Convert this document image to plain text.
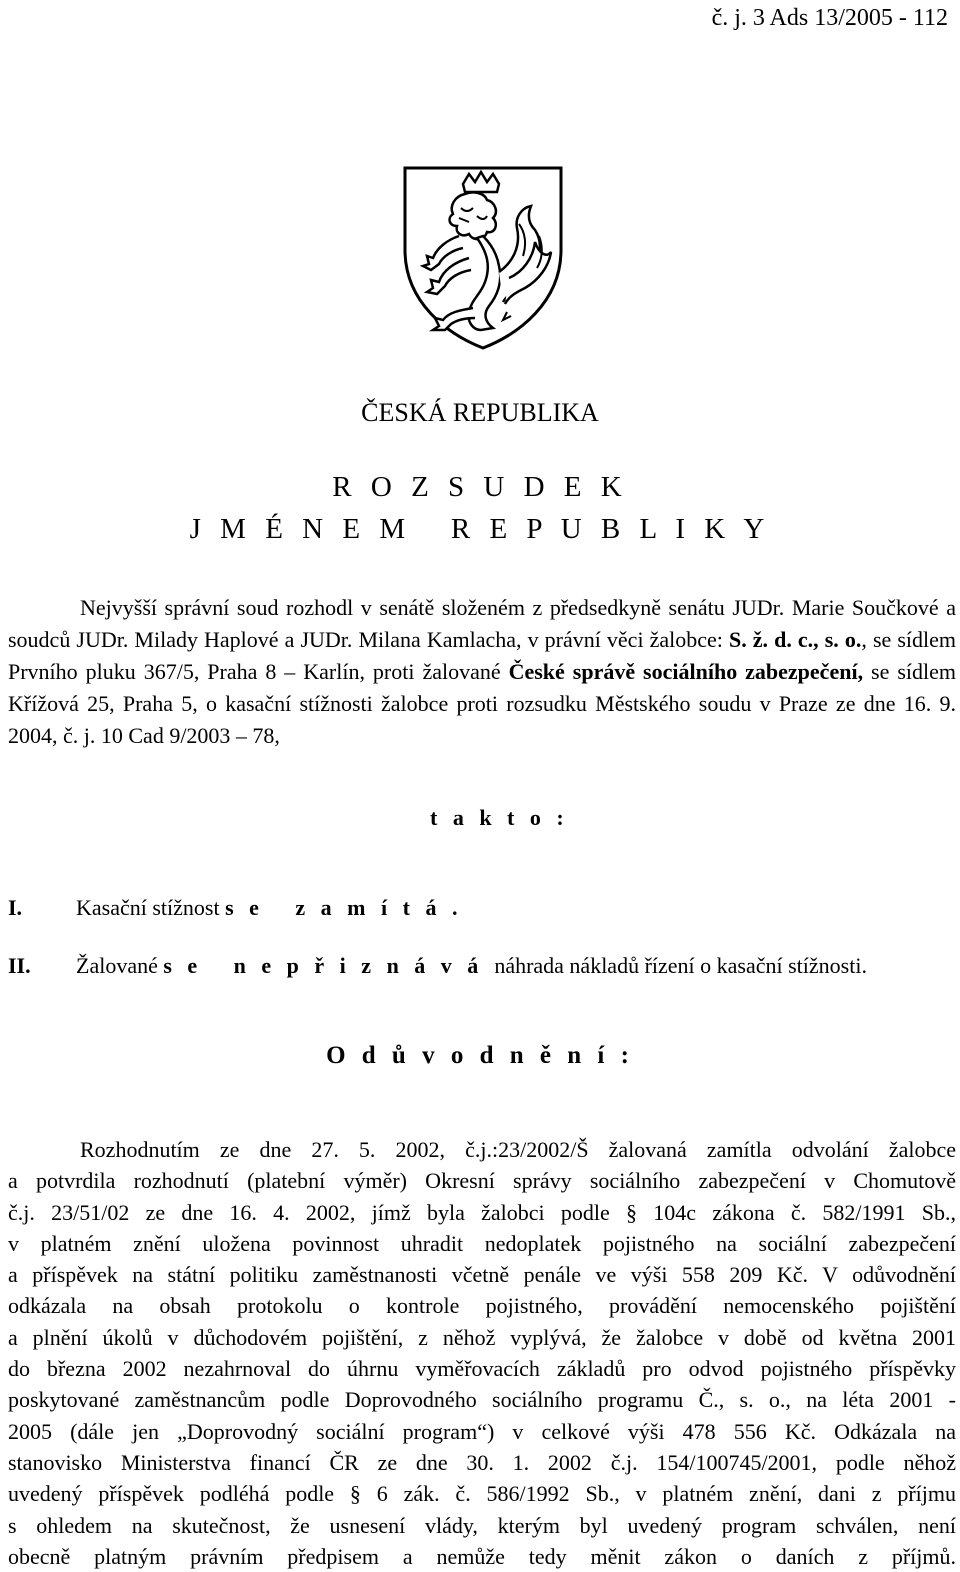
č. j. 3 Ads 13/2005 - 112
ČESKÁ REPUBLIKA
R O Z S U D E K
J M É N E M   R E P U B L I K Y

Nejvyšší správní soud rozhodl v senátě složeném z předsedkyně senátu JUDr. Marie Součkové a soudců JUDr. Milady Haplové a JUDr. Milana Kamlacha, v právní věci žalobce: S. ž. d. c., s. o., se sídlem Prvního pluku 367/5, Praha 8 – Karlín, proti žalované České správě sociálního zabezpečení, se sídlem Křížová 25, Praha 5, o kasační stížnosti žalobce proti rozsudku Městského soudu v Praze ze dne 16. 9. 2004, č. j. 10 Cad 9/2003 – 78,

t a k t o :
I. Kasační stížnost s e   z a m í t á .
II. Žalované s e   n e p ř i z n á v á  náhrada nákladů řízení o kasační stížnosti.
O d ů v o d n ě n í :
Rozhodnutím ze dne 27. 5. 2002, č.j.:23/2002/Š žalovaná zamítla odvolání žalobce
a potvrdila rozhodnutí (platební výměr) Okresní správy sociálního zabezpečení v Chomutově
č.j. 23/51/02 ze dne 16. 4. 2002, jímž byla žalobci podle § 104c zákona č. 582/1991 Sb.,
v platném znění uložena povinnost uhradit nedoplatek pojistného na sociální zabezpečení
a příspěvek na státní politiku zaměstnanosti včetně penále ve výši 558 209 Kč. V odůvodnění
odkázala na obsah protokolu o kontrole pojistného, provádění nemocenského pojištění
a plnění úkolů v důchodovém pojištění, z něhož vyplývá, že žalobce v době od května 2001
do března 2002 nezahrnoval do úhrnu vyměřovacích základů pro odvod pojistného příspěvky
poskytované zaměstnancům podle Doprovodného sociálního programu Č., s. o., na léta 2001 -
2005 (dále jen „Doprovodný sociální program“) v celkové výši 478 556 Kč. Odkázala na
stanovisko Ministerstva financí ČR ze dne 30. 1. 2002 č.j. 154/100745/2001, podle něhož
uvedený příspěvek podléhá podle § 6 zák. č. 586/1992 Sb., v platném znění, dani z příjmu
s ohledem na skutečnost, že usnesení vlády, kterým byl uvedený program schválen, není
obecně platným právním předpisem a nemůže tedy měnit zákon o daních z příjmů.
